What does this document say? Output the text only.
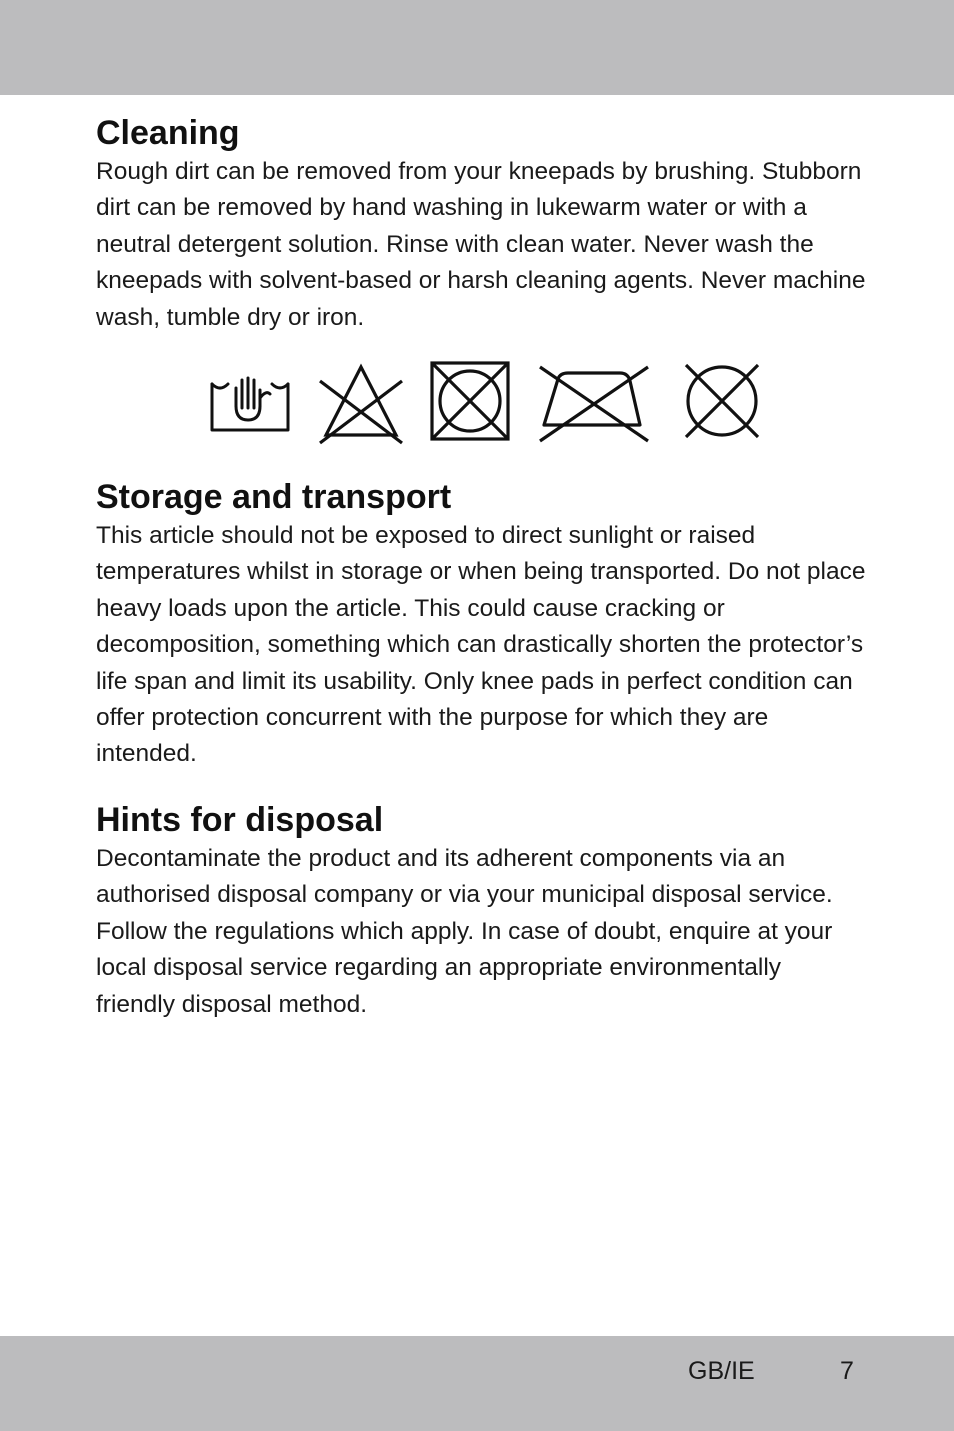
Cleaning

Rough dirt can be removed from your kneepads by brushing. Stubborn dirt can be removed by hand washing in lukewarm water or with a neutral detergent solution. Rinse with clean water. Never wash the kneepads with solvent-based or harsh cleaning agents. Never machine wash, tumble dry or iron.

Storage and transport

This article should not be exposed to direct sunlight or raised temperatures whilst in storage or when being transported. Do not place heavy loads upon the article. This could cause cracking or decomposition, something which can drastically shorten the protector’s life span and limit its usability. Only knee pads in perfect condition can offer protection concurrent with the purpose for which they are intended.

Hints for disposal

Decontaminate the product and its adherent components via an authorised disposal company or via your municipal disposal service. Follow the regulations which apply. In case of doubt, enquire at your local disposal service regarding an appropriate environmentally friendly disposal method.

GB/IE	7
